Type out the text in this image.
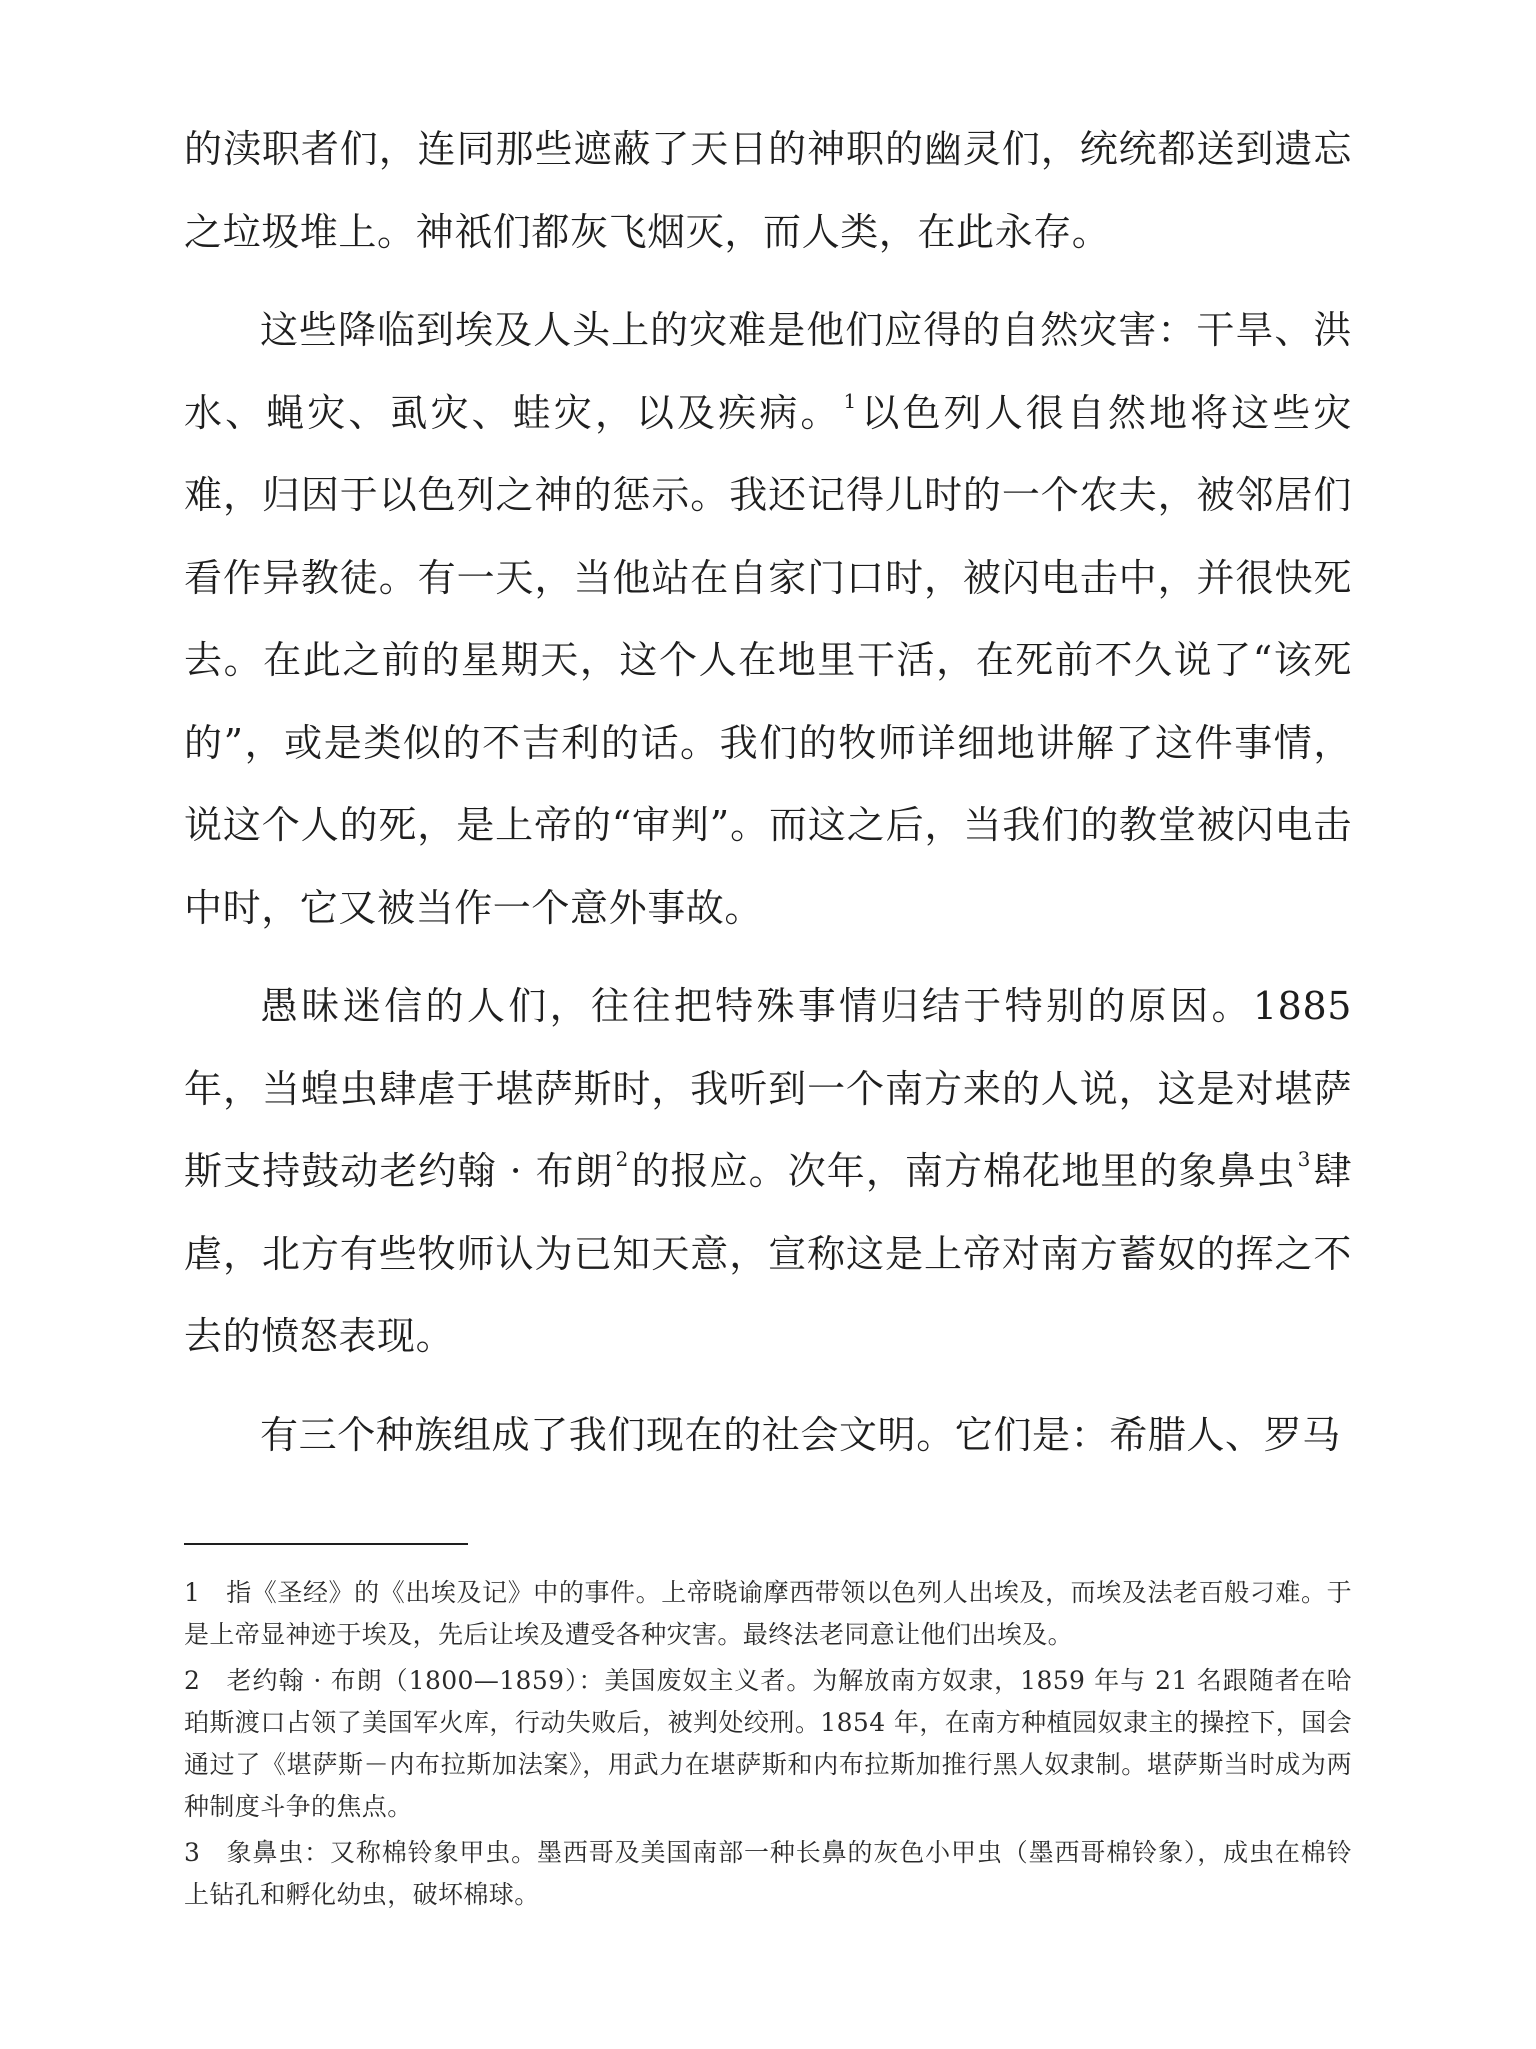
的渎职者们，连同那些遮蔽了天日的神职的幽灵们，统统都送到遗忘之垃圾堆上。神祇们都灰飞烟灭，而人类，在此永存。

这些降临到埃及人头上的灾难是他们应得的自然灾害：干旱、洪水、蝇灾、虱灾、蛙灾，以及疾病。 $^1$以色列人很自然地将这些灾难，归因于以色列之神的惩示。我还记得儿时的一个农夫，被邻居们看作异教徒。有一天，当他站在自家门口时，被闪电击中，并很快死去。在此之前的星期天，这个人在地里干活，在死前不久说了“该死的”，或是类似的不吉利的话。我们的牧师详细地讲解了这件事情，说这个人的死，是上帝的“审判”。而这之后，当我们的教堂被闪电击中时，它又被当作一个意外事故。

愚昧迷信的人们，往往把特殊事情归结于特别的原因。1885 年，当蝗虫肆虐于堪萨斯时，我听到一个南方来的人说，这是对堪萨斯支持鼓动老约翰 · 布朗 $^2$的报应。次年，南方棉花地里的象鼻虫 $^3$肆虐，北方有些牧师认为已知天意，宣称这是上帝对南方蓄奴的挥之不去的愤怒表现。

有三个种族组成了我们现在的社会文明。它们是：希腊人、罗马

1 指《圣经》的《出埃及记》中的事件。上帝晓谕摩西带领以色列人出埃及，而埃及法老百般刁难。于是上帝显神迹于埃及，先后让埃及遭受各种灾害。最终法老同意让他们出埃及。
2 老约翰 · 布朗（1800—1859）：美国废奴主义者。为解放南方奴隶，1859 年与 21 名跟随者在哈珀斯渡口占领了美国军火库，行动失败后，被判处绞刑。1854 年，在南方种植园奴隶主的操控下，国会通过了《堪萨斯－内布拉斯加法案》，用武力在堪萨斯和内布拉斯加推行黑人奴隶制。堪萨斯当时成为两种制度斗争的焦点。
3 象鼻虫：又称棉铃象甲虫。墨西哥及美国南部一种长鼻的灰色小甲虫（墨西哥棉铃象），成虫在棉铃上钻孔和孵化幼虫，破坏棉球。
